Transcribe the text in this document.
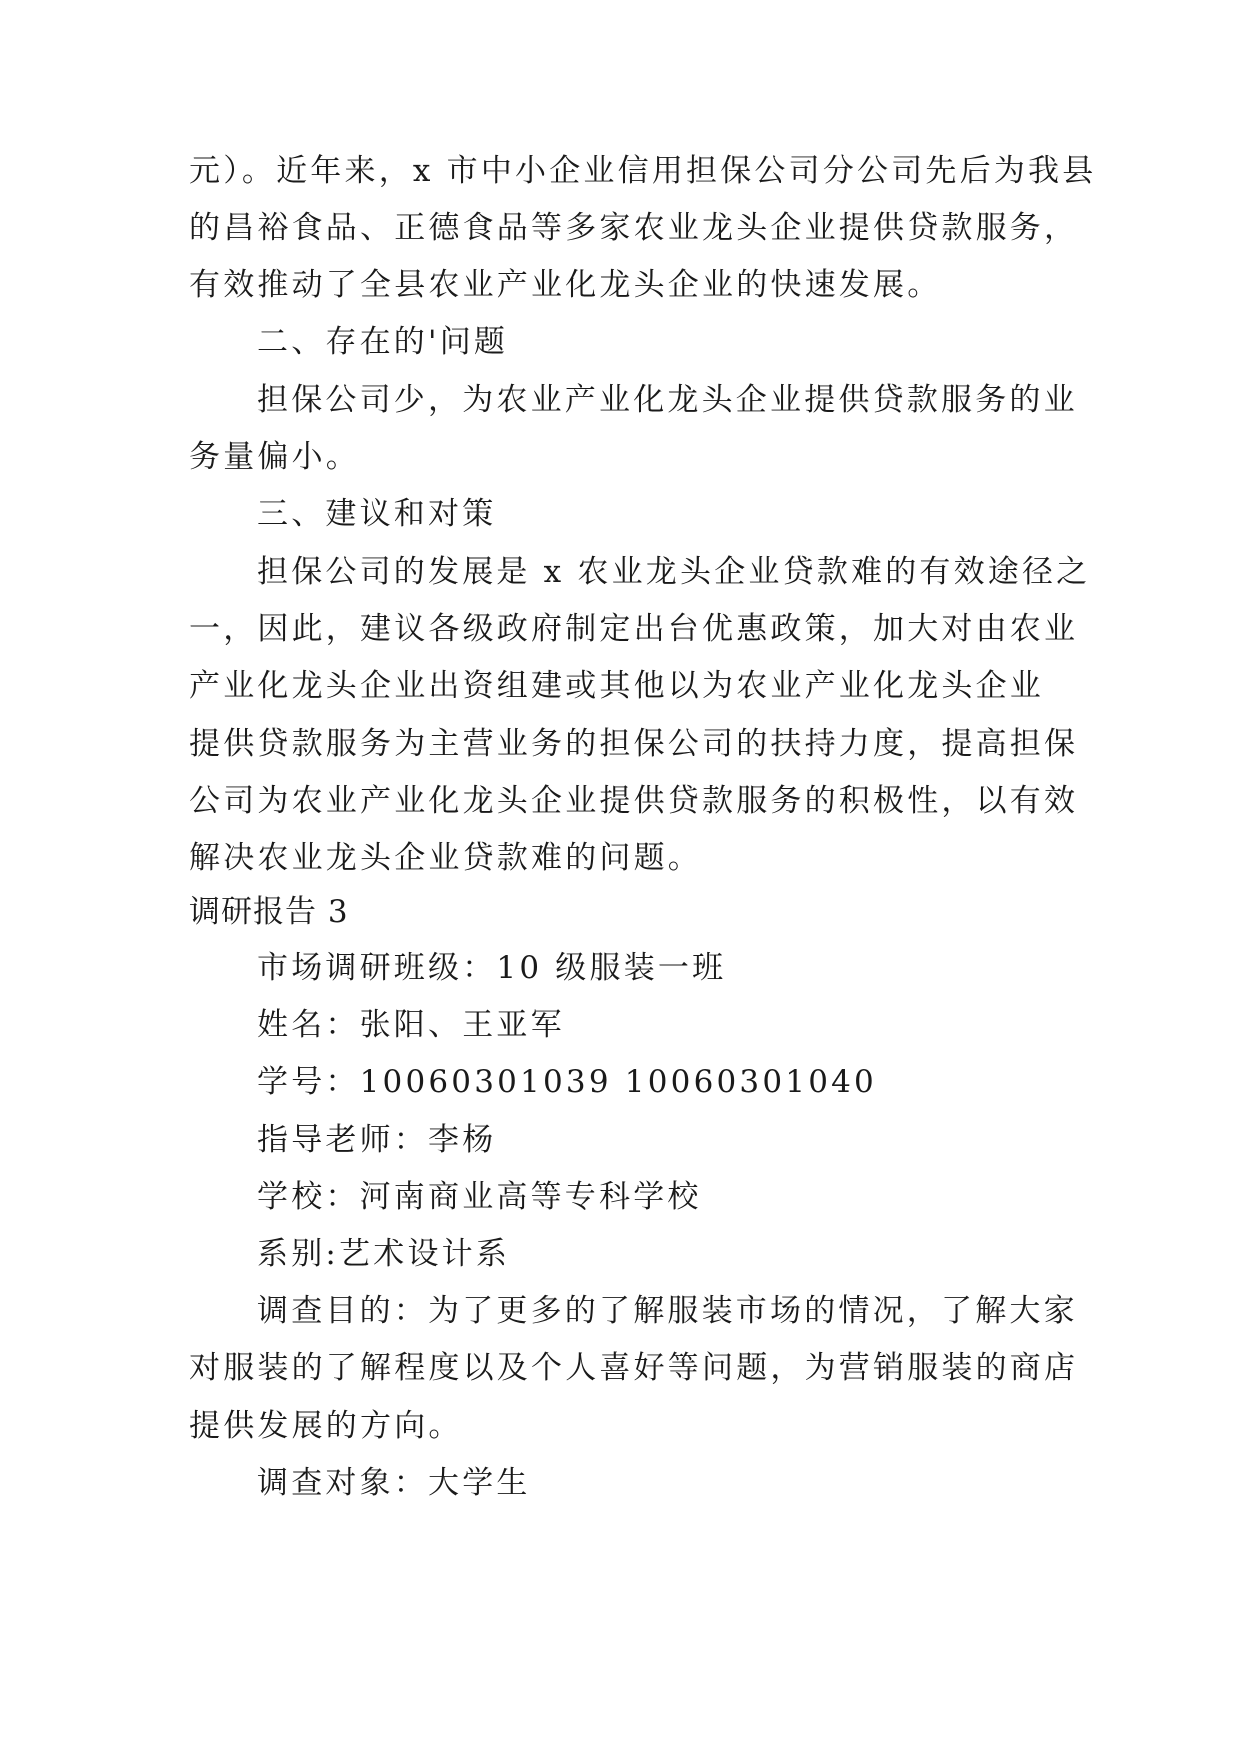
元）。近年来，x 市中小企业信用担保公司分公司先后为我县
的昌裕食品、正德食品等多家农业龙头企业提供贷款服务，
有效推动了全县农业产业化龙头企业的快速发展。
二、存在的'问题
担保公司少，为农业产业化龙头企业提供贷款服务的业
务量偏小。
三、建议和对策
担保公司的发展是 x 农业龙头企业贷款难的有效途径之
一，因此，建议各级政府制定出台优惠政策，加大对由农业
产业化龙头企业出资组建或其他以为农业产业化龙头企业
提供贷款服务为主营业务的担保公司的扶持力度，提高担保
公司为农业产业化龙头企业提供贷款服务的积极性，以有效
解决农业龙头企业贷款难的问题。
调研报告 3
市场调研班级：10 级服装一班
姓名：张阳、王亚军
学号：10060301039 10060301040
指导老师：李杨
学校：河南商业高等专科学校
系别:艺术设计系
调查目的：为了更多的了解服装市场的情况，了解大家
对服装的了解程度以及个人喜好等问题，为营销服装的商店
提供发展的方向。
调查对象：大学生
